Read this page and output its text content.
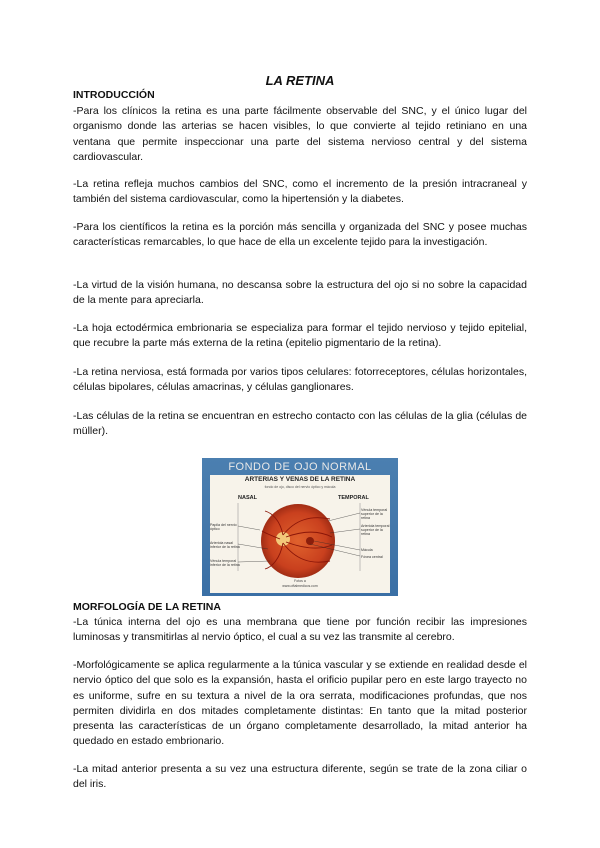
LA RETINA
INTRODUCCIÓN

-Para los clínicos la retina es una parte fácilmente observable del SNC, y el único lugar del organismo donde las arterias se hacen visibles, lo que convierte al tejido retiniano en una ventana que permite inspeccionar una parte del sistema nervioso central y del sistema cardiovascular.

-La retina refleja muchos cambios del SNC, como el incremento de la presión intracraneal y también del sistema cardiovascular, como la hipertensión y la diabetes.

-Para los científicos la retina es la porción más sencilla y organizada del SNC y posee muchas características remarcables, lo que hace de ella un excelente tejido para la investigación.

-La virtud de la visión humana, no descansa sobre la estructura del ojo si no sobre la capacidad de la mente para apreciarla.

-La hoja ectodérmica embrionaria se especializa para formar el tejido nervioso y tejido epitelial, que recubre la parte más externa de la retina (epitelio pigmentario de la retina).

-La retina nerviosa, está formada por varios tipos celulares: fotorreceptores, células horizontales, células bipolares, células amacrinas, y células ganglionares.

-Las células de la retina se encuentran en estrecho contacto con las células de la glia (células de müller).

FONDO DE OJO NORMAL

ARTERIAS Y VENAS DE LA RETINA

fondo de ojo, disco del nervio óptico y mácula

NASAL	TEMPORAL
Papila del nervio óptico
Arteriola nasal inferior de la retina
Vénula temporal inferior de la retina
Vénula temporal superior de la retina
Arteriola temporal superior de la retina
Mácula
Fóvea central
Fotos a
www.oftalmedicos.com
MORFOLOGÍA DE LA RETINA

-La túnica interna del ojo es una membrana que tiene por función recibir las impresiones luminosas y transmitirlas al nervio óptico, el cual a su vez las transmite al cerebro.

-Morfológicamente se aplica regularmente a la túnica vascular y se extiende en realidad desde el nervio óptico del que solo es la expansión, hasta el orificio pupilar pero en este largo trayecto no es uniforme, sufre en su textura a nivel de la ora serrata, modificaciones profundas, que nos permiten dividirla en dos mitades completamente distintas: En tanto que la mitad posterior presenta las características de un órgano completamente desarrollado, la mitad anterior ha quedado en estado embrionario.

-La mitad anterior presenta a su vez una estructura diferente, según se trate de la zona ciliar o del iris.
